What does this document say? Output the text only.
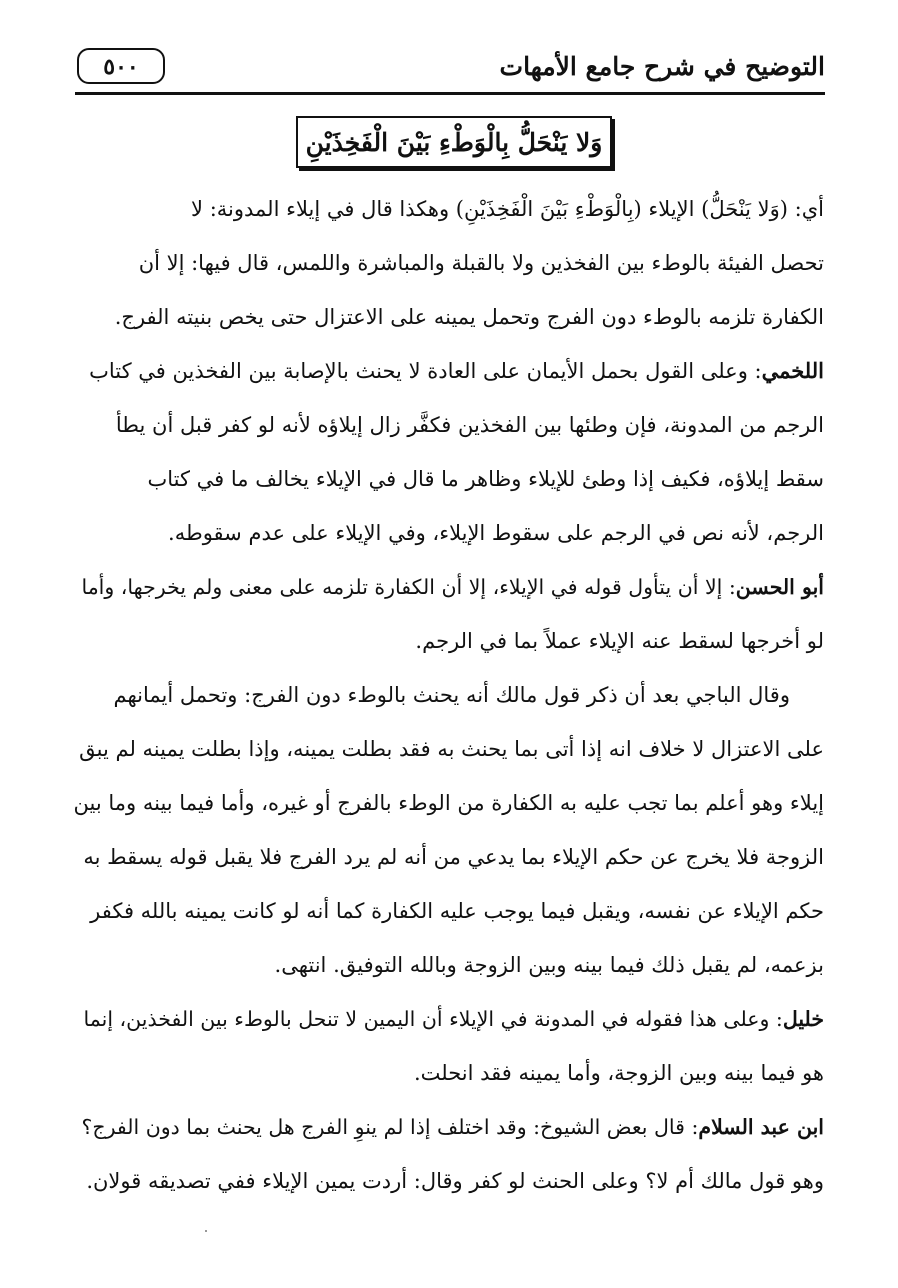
التوضيح في شرح جامع الأمهات
٥٠٠
وَلا يَنْحَلُّ بِالْوَطْءِ بَيْنَ الْفَخِذَيْنِ

أي: (وَلا يَنْحَلُّ) الإيلاء (بِالْوَطْءِ بَيْنَ الْفَخِذَيْنِ) وهكذا قال في إيلاء المدونة: لا
تحصل الفيئة بالوطء بين الفخذين ولا بالقبلة والمباشرة واللمس، قال فيها: إلا أن
الكفارة تلزمه بالوطء دون الفرج وتحمل يمينه على الاعتزال حتى يخص بنيته الفرج.

اللخمي: وعلى القول بحمل الأيمان على العادة لا يحنث بالإصابة بين الفخذين في كتاب
الرجم من المدونة، فإن وطئها بين الفخذين فكفَّر زال إيلاؤه لأنه لو كفر قبل أن يطأ
سقط إيلاؤه، فكيف إذا وطئ للإيلاء وظاهر ما قال في الإيلاء يخالف ما في كتاب
الرجم، لأنه نص في الرجم على سقوط الإيلاء، وفي الإيلاء على عدم سقوطه.

أبو الحسن: إلا أن يتأول قوله في الإيلاء، إلا أن الكفارة تلزمه على معنى ولم يخرجها، وأما
لو أخرجها لسقط عنه الإيلاء عملاً بما في الرجم.

وقال الباجي بعد أن ذكر قول مالك أنه يحنث بالوطء دون الفرج: وتحمل أيمانهم
على الاعتزال لا خلاف انه إذا أتى بما يحنث به فقد بطلت يمينه، وإذا بطلت يمينه لم يبق
إيلاء وهو أعلم بما تجب عليه به الكفارة من الوطء بالفرج أو غيره، وأما فيما بينه وما بين
الزوجة فلا يخرج عن حكم الإيلاء بما يدعي من أنه لم يرد الفرج فلا يقبل قوله يسقط به
حكم الإيلاء عن نفسه، ويقبل فيما يوجب عليه الكفارة كما أنه لو كانت يمينه بالله فكفر
بزعمه، لم يقبل ذلك فيما بينه وبين الزوجة وبالله التوفيق. انتهى.

خليل: وعلى هذا فقوله في المدونة في الإيلاء أن اليمين لا تنحل بالوطء بين الفخذين، إنما
هو فيما بينه وبين الزوجة، وأما يمينه فقد انحلت.

ابن عبد السلام: قال بعض الشيوخ: وقد اختلف إذا لم ينوِ الفرج هل يحنث بما دون الفرج؟
وهو قول مالك أم لا؟ وعلى الحنث لو كفر وقال: أردت يمين الإيلاء ففي تصديقه قولان.
